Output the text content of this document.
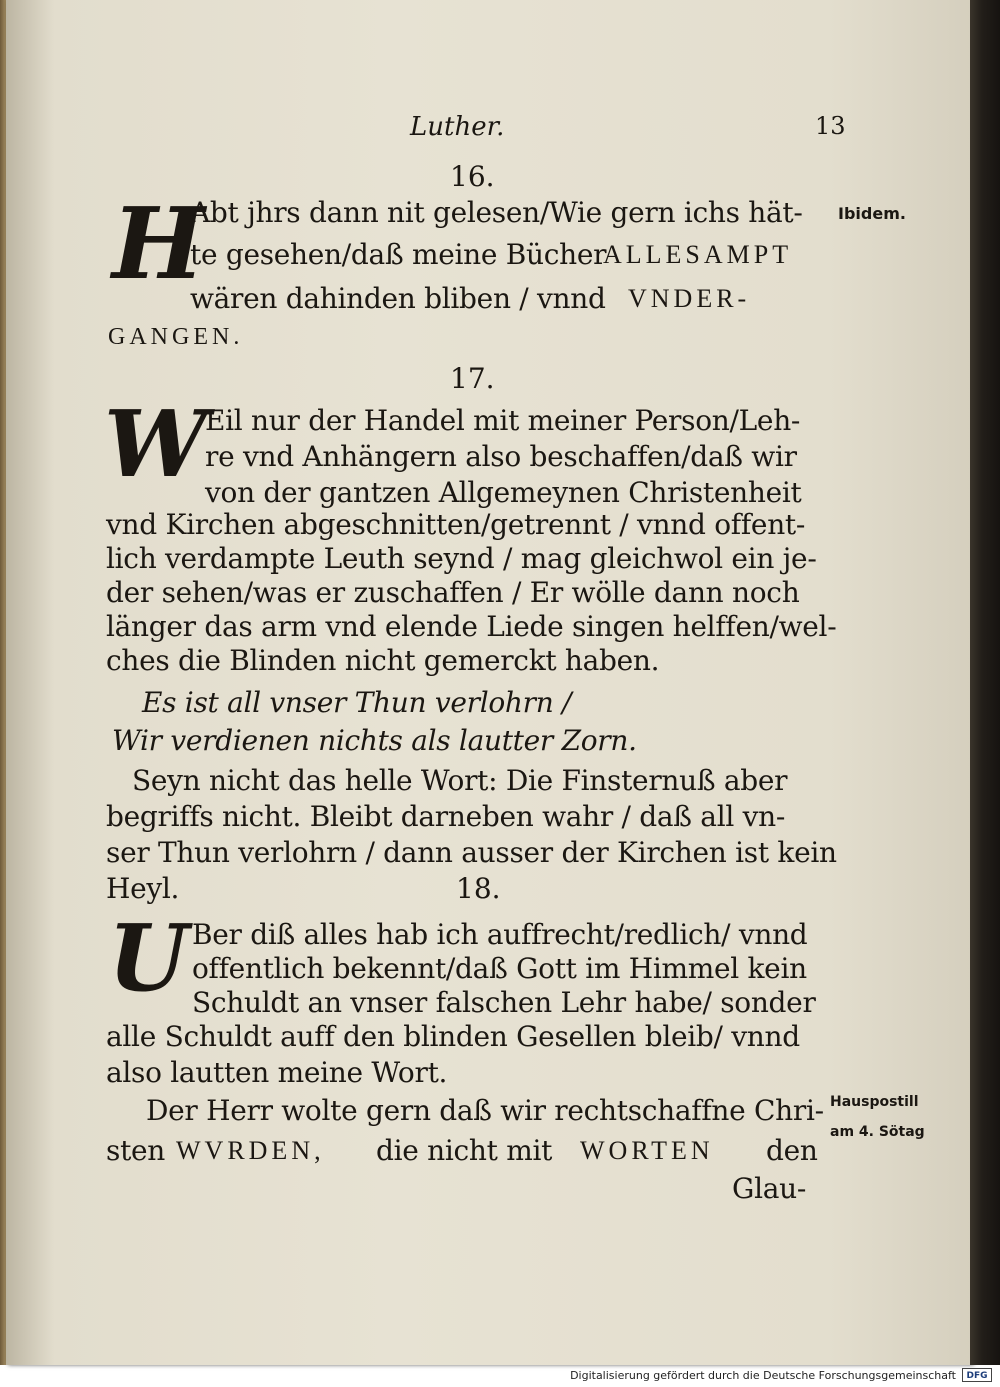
Luther.	13
16.
H
Abt jhrs dann nit gelesen/Wie gern ichs hät- Ibidem.
te gesehen/daß meine Bücher
ALLESAMPT
wären dahinden bliben / vnnd VNDER-
GANGEN.
17.
W
Eil nur der Handel mit meiner Person/Leh-
re vnd Anhängern also beschaffen/daß wir
von der gantzen Allgemeynen Christenheit
vnd Kirchen abgeschnitten/getrennt / vnnd offent-
lich verdampte Leuth seynd / mag gleichwol ein je-
der sehen/was er zuschaffen / Er wölle dann noch
länger das arm vnd elende Liede singen helffen/wel-
ches die Blinden nicht gemerckt haben.
Es ist all vnser Thun verlohrn /
Wir verdienen nichts als lautter Zorn.
Seyn nicht das helle Wort: Die Finsternuß aber
begriffs nicht. Bleibt darneben wahr / daß all vn-
ser Thun verlohrn / dann ausser der Kirchen ist kein
Heyl.	18.
U Ber diß alles hab ich auffrecht/redlich/ vnnd
offentlich bekennt/daß Gott im Himmel kein
Schuldt an vnser falschen Lehr habe/ sonder
alle Schuldt auff den blinden Gesellen bleib/ vnnd
also lautten meine Wort.
Der Herr wolte gern daß wir rechtschaffne Chri- Hauspostill
am 4. Sötag
sten WVRDEN, die nicht mit WORTEN den
Glau-
Digitalisierung gefördert durch die Deutsche Forschungsgemeinschaft	DFG
